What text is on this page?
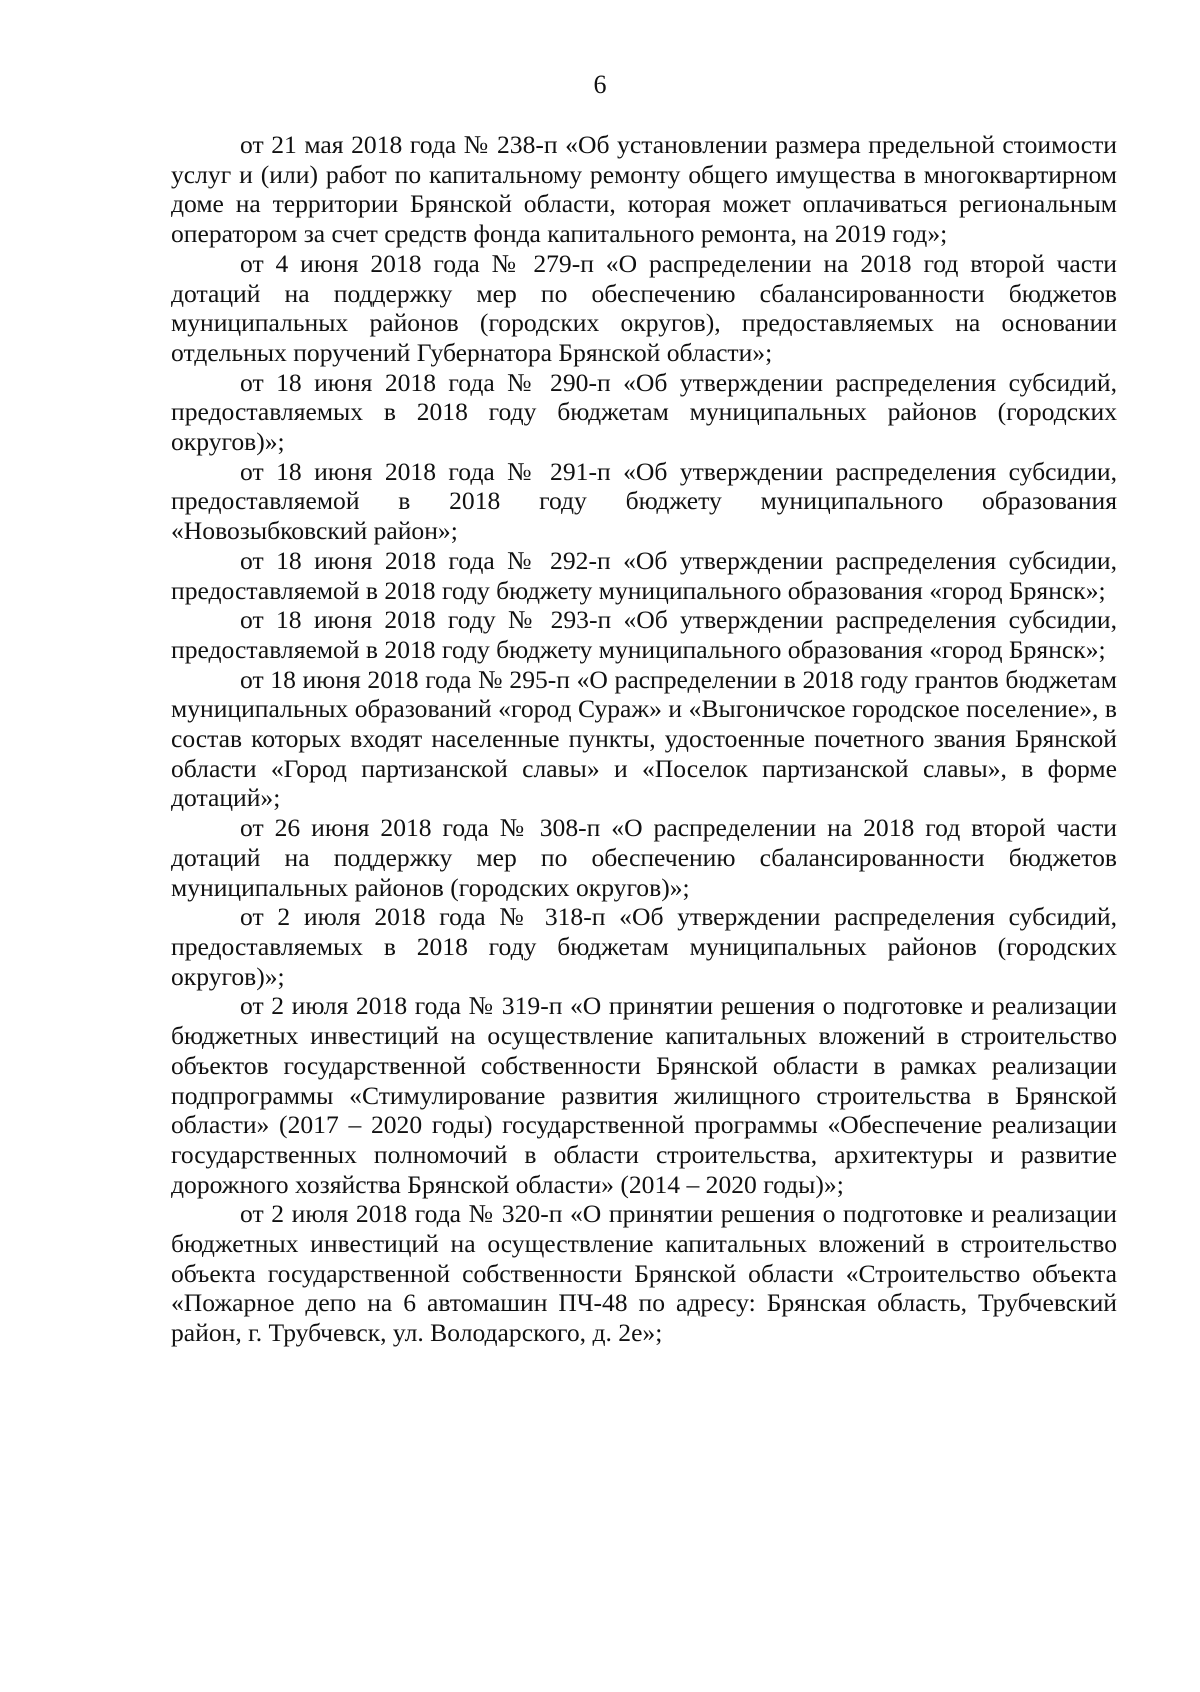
6

от 21 мая 2018 года № 238-п «Об установлении размера предельной стоимости услуг и (или) работ по капитальному ремонту общего имущества в многоквартирном доме на территории Брянской области, которая может оплачиваться региональным оператором за счет средств фонда капитального ремонта, на 2019 год»;

от 4 июня 2018 года № 279-п «О распределении на 2018 год второй части дотаций на поддержку мер по обеспечению сбалансированности бюджетов муниципальных районов (городских округов), предоставляемых на основании отдельных поручений Губернатора Брянской области»;

от 18 июня 2018 года № 290-п «Об утверждении распределения субсидий, предоставляемых в 2018 году бюджетам муниципальных районов (городских округов)»;

от 18 июня 2018 года № 291-п «Об утверждении распределения субсидии, предоставляемой в 2018 году бюджету муниципального образования «Новозыбковский район»;

от 18 июня 2018 года № 292-п «Об утверждении распределения субсидии, предоставляемой в 2018 году бюджету муниципального образования «город Брянск»;

от 18 июня 2018 году № 293-п «Об утверждении распределения субсидии, предоставляемой в 2018 году бюджету муниципального образования «город Брянск»;

от 18 июня 2018 года № 295-п «О распределении в 2018 году грантов бюджетам муниципальных образований «город Сураж» и «Выгоничское городское поселение», в состав которых входят населенные пункты, удостоенные почетного звания Брянской области «Город партизанской славы» и «Поселок партизанской славы», в форме дотаций»;

от 26 июня 2018 года № 308-п «О распределении на 2018 год второй части дотаций на поддержку мер по обеспечению сбалансированности бюджетов муниципальных районов (городских округов)»;

от 2 июля 2018 года № 318-п «Об утверждении распределения субсидий, предоставляемых в 2018 году бюджетам муниципальных районов (городских округов)»;

от 2 июля 2018 года № 319-п «О принятии решения о подготовке и реализации бюджетных инвестиций на осуществление капитальных вложений в строительство объектов государственной собственности Брянской области в рамках реализации подпрограммы «Стимулирование развития жилищного строительства в Брянской области» (2017 – 2020 годы) государственной программы «Обеспечение реализации государственных полномочий в области строительства, архитектуры и развитие дорожного хозяйства Брянской области» (2014 – 2020 годы)»;

от 2 июля 2018 года № 320-п «О принятии решения о подготовке и реализации бюджетных инвестиций на осуществление капитальных вложений в строительство объекта государственной собственности Брянской области «Строительство объекта «Пожарное депо на 6 автомашин ПЧ-48 по адресу: Брянская область, Трубчевский район, г. Трубчевск, ул. Володарского, д. 2е»;
